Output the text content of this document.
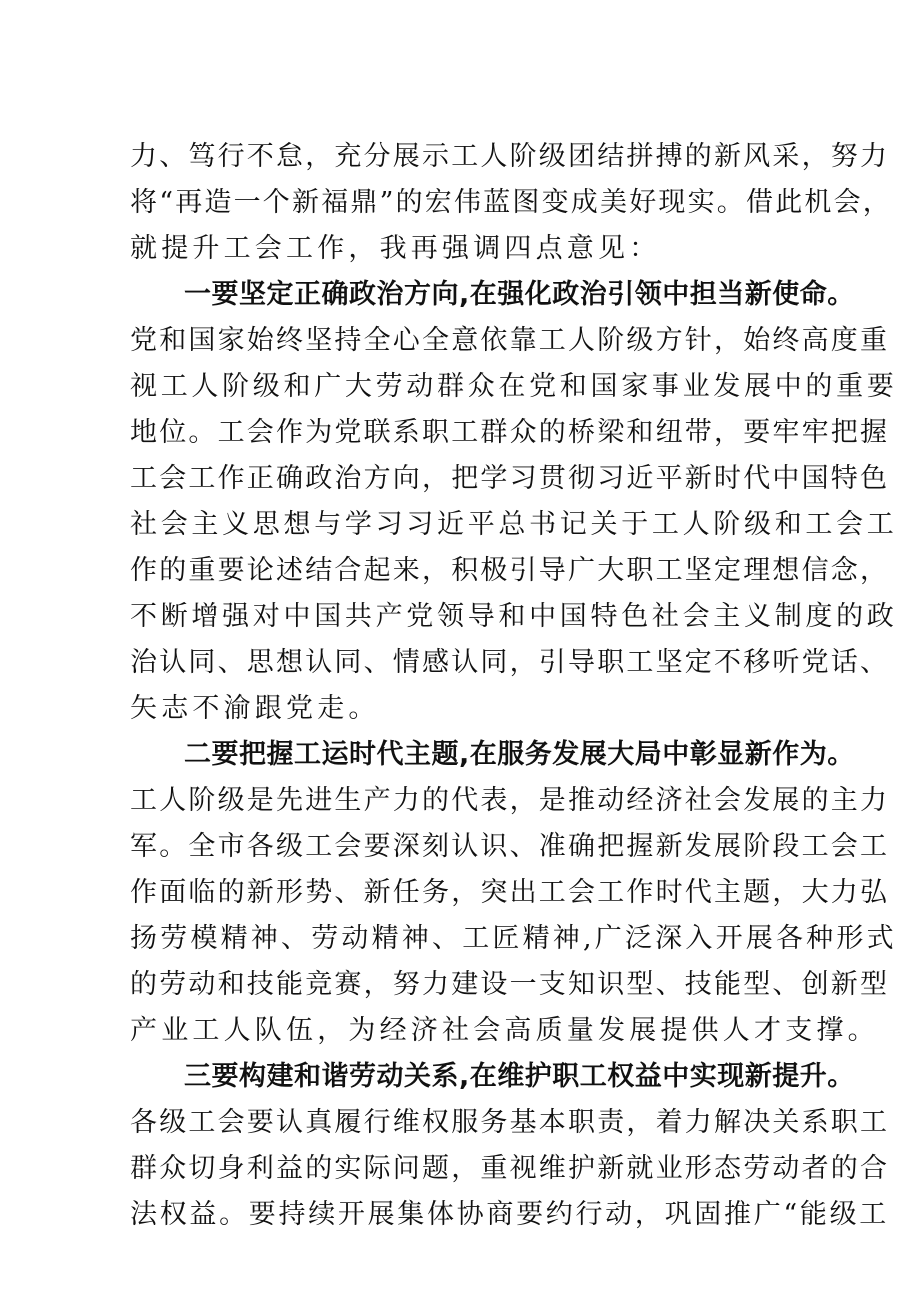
力、笃行不怠，充分展示工人阶级团结拼搏的新风采，努力
将“再造一个新福鼎”的宏伟蓝图变成美好现实。借此机会，
就提升工会工作，我再强调四点意见：
一要坚定正确政治方向,在强化政治引领中担当新使命。
党和国家始终坚持全心全意依靠工人阶级方针，始终高度重
视工人阶级和广大劳动群众在党和国家事业发展中的重要
地位。工会作为党联系职工群众的桥梁和纽带，要牢牢把握
工会工作正确政治方向，把学习贯彻习近平新时代中国特色
社会主义思想与学习习近平总书记关于工人阶级和工会工
作的重要论述结合起来，积极引导广大职工坚定理想信念，
不断增强对中国共产党领导和中国特色社会主义制度的政
治认同、思想认同、情感认同，引导职工坚定不移听党话、
矢志不渝跟党走。
二要把握工运时代主题,在服务发展大局中彰显新作为。
工人阶级是先进生产力的代表，是推动经济社会发展的主力
军。全市各级工会要深刻认识、准确把握新发展阶段工会工
作面临的新形势、新任务，突出工会工作时代主题，大力弘
扬劳模精神、劳动精神、工匠精神,广泛深入开展各种形式
的劳动和技能竞赛，努力建设一支知识型、技能型、创新型
产业工人队伍，为经济社会高质量发展提供人才支撑。
三要构建和谐劳动关系,在维护职工权益中实现新提升。
各级工会要认真履行维权服务基本职责，着力解决关系职工
群众切身利益的实际问题，重视维护新就业形态劳动者的合
法权益。要持续开展集体协商要约行动，巩固推广“能级工
